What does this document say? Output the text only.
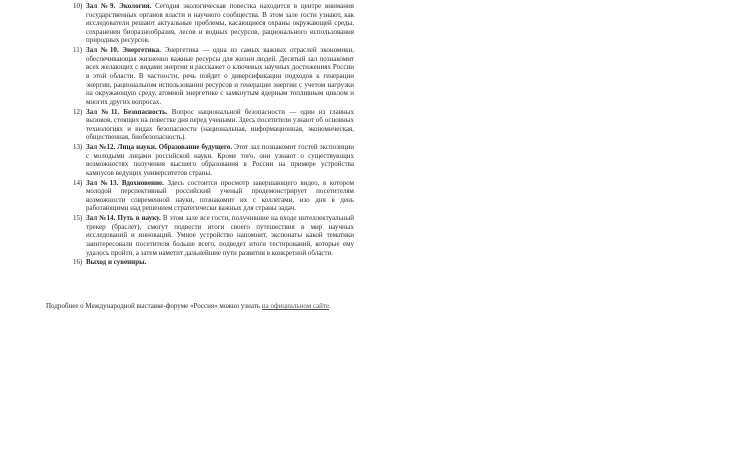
10) Зал №9. Экология. Сегодня экологическая повестка находится в центре внимания государственных органов власти и научного сообщества. В этом зале гости узнают, как исследователи решают актуальные проблемы, касающиеся охраны окружающей среды, сохранения биоразнообразия, лесов и водных ресурсов, рационального использования природных ресурсов.
11) Зал №10. Энергетика. Энергетика — одна из самых важных отраслей экономики, обеспечивающая жизненно важные ресурсы для жизни людей. Десятый зал познакомит всех желающих с видами энергии и расскажет о ключевых научных достижениях России в этой области. В частности, речь пойдет о диверсификации подходов к генерации энергии, рациональном использовании ресурсов и генерации энергии с учетом нагрузки на окружающую среду, атомной энергетике с замкнутым ядерным топливным циклом и многих других вопросах.
12) Зал №11. Безопасность. Вопрос национальной безопасности — один из главных вызовов, стоящих на повестке дня перед учеными. Здесь посетители узнают об основных технологиях и видах безопасности (национальная, информационная, экономическая, общественная, биобезопасность).
13) Зал №12. Лица науки. Образование будущего. Этот зал познакомит гостей экспозиции с молодыми лицами российской науки. Кроме того, они узнают о существующих возможностях получения высшего образования в России на примере устройства кампусов ведущих университетов страны.
14) Зал №13. Вдохновение. Здесь состоится просмотр завершающего видео, в котором молодой перспективный российский ученый продемонстрирует посетителям возможности современной науки, познакомит их с коллегами, изо дня в день работающими над решением стратегически важных для страны задач.
15) Зал №14. Путь в науку. В этом зале все гости, получившие на входе интеллектуальный трекер (браслет), смогут подвести итоги своего путешествия в мир научных исследований и инноваций. Умное устройство напомнит, экспонаты какой тематики заинтересовали посетителя больше всего, подведет итоги тестирований, которые ему удалось пройти, а затем наметит дальнейшие пути развития в конкретной области.
16) Выход и сувениры.

Подробнее о Международной выставке-форуме «Россия» можно узнать на официальном сайте.
